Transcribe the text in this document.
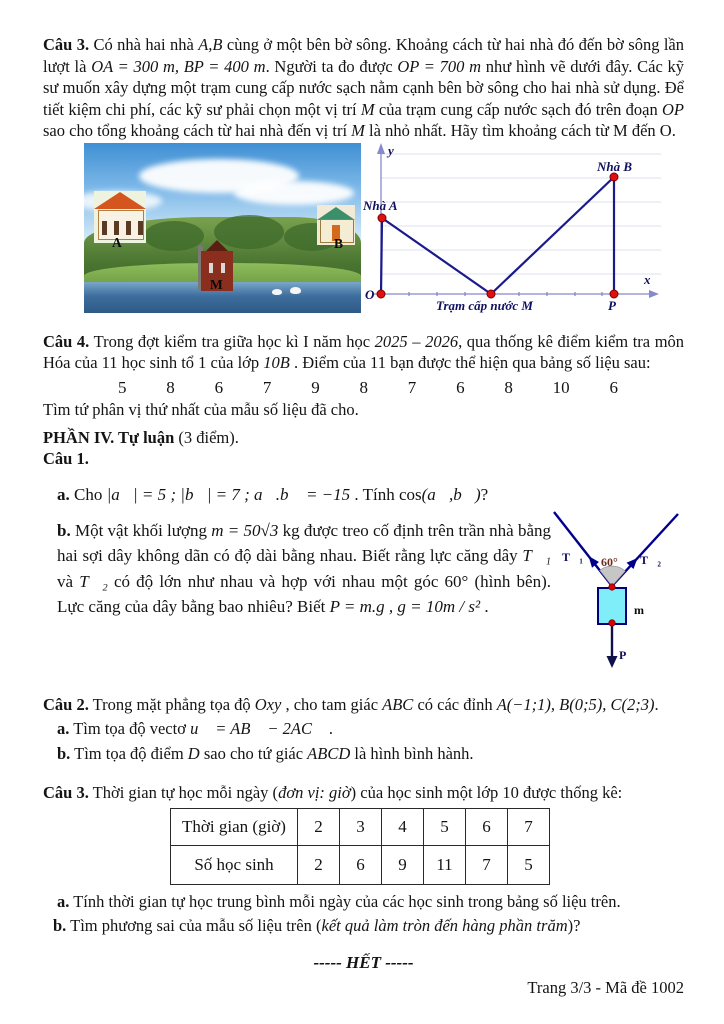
Câu 3. Có nhà hai nhà A,B cùng ở một bên bờ sông. Khoảng cách từ hai nhà đó đến bờ sông lần lượt là OA = 300 m, BP = 400 m. Người ta đo được OP = 700 m như hình vẽ dưới đây. Các kỹ sư muốn xây dựng một trạm cung cấp nước sạch nằm cạnh bên bờ sông cho hai nhà sử dụng. Để tiết kiệm chi phí, các kỹ sư phải chọn một vị trí M của trạm cung cấp nước sạch đó trên đoạn OP sao cho tổng khoảng cách từ hai nhà đến vị trí M là nhỏ nhất. Hãy tìm khoảng cách từ M đến O.

A	B
M
y
x
O
Nhà A
Nhà B
Trạm cấp nước M	P

Câu 4. Trong đợt kiểm tra giữa học kì I năm học 2025 – 2026, qua thống kê điểm kiểm tra môn Hóa của 11 học sinh tổ 1 của lớp 10B . Điểm của 11 bạn được thể hiện qua bảng số liệu sau:

5 8 6 7 9 8 7 6 8 10 6

Tìm tứ phân vị thứ nhất của mẫu số liệu đã cho.

PHẦN IV. Tự luận (3 điểm).

Câu 1.

a. Cho |a⃗| = 5 ; |b⃗| = 7 ; a⃗.b⃗ = −15 . Tính cos(a⃗,b⃗)?

b. Một vật khối lượng m = 50√3 kg được treo cố định trên trần nhà bằng hai sợi dây không dãn có độ dài bằng nhau. Biết rằng lực căng dây T⃗₁ và T⃗₂ có độ lớn như nhau và hợp với nhau một góc 60° (hình bên). Lực căng của dây bằng bao nhiêu? Biết P = m.g , g = 10m / s² .

T⃗₁	T⃗₂
60°
m
P⃗

Câu 2. Trong mặt phẳng tọa độ Oxy , cho tam giác ABC có các đỉnh A(−1;1), B(0;5), C(2;3).

a. Tìm tọa độ vectơ u⃗ = AB⃗ − 2AC⃗ .

b. Tìm tọa độ điểm D sao cho tứ giác ABCD là hình bình hành.

Câu 3. Thời gian tự học mỗi ngày (đơn vị: giờ) của học sinh một lớp 10 được thống kê:

Thời gian (giờ)	2	3	4	5	6	7
Số học sinh	2	6	9	11	7	5

a. Tính thời gian tự học trung bình mỗi ngày của các học sinh trong bảng số liệu trên.

b. Tìm phương sai của mẫu số liệu trên (kết quả làm tròn đến hàng phần trăm)?

----- HẾT -----

Trang 3/3 - Mã đề 1002
